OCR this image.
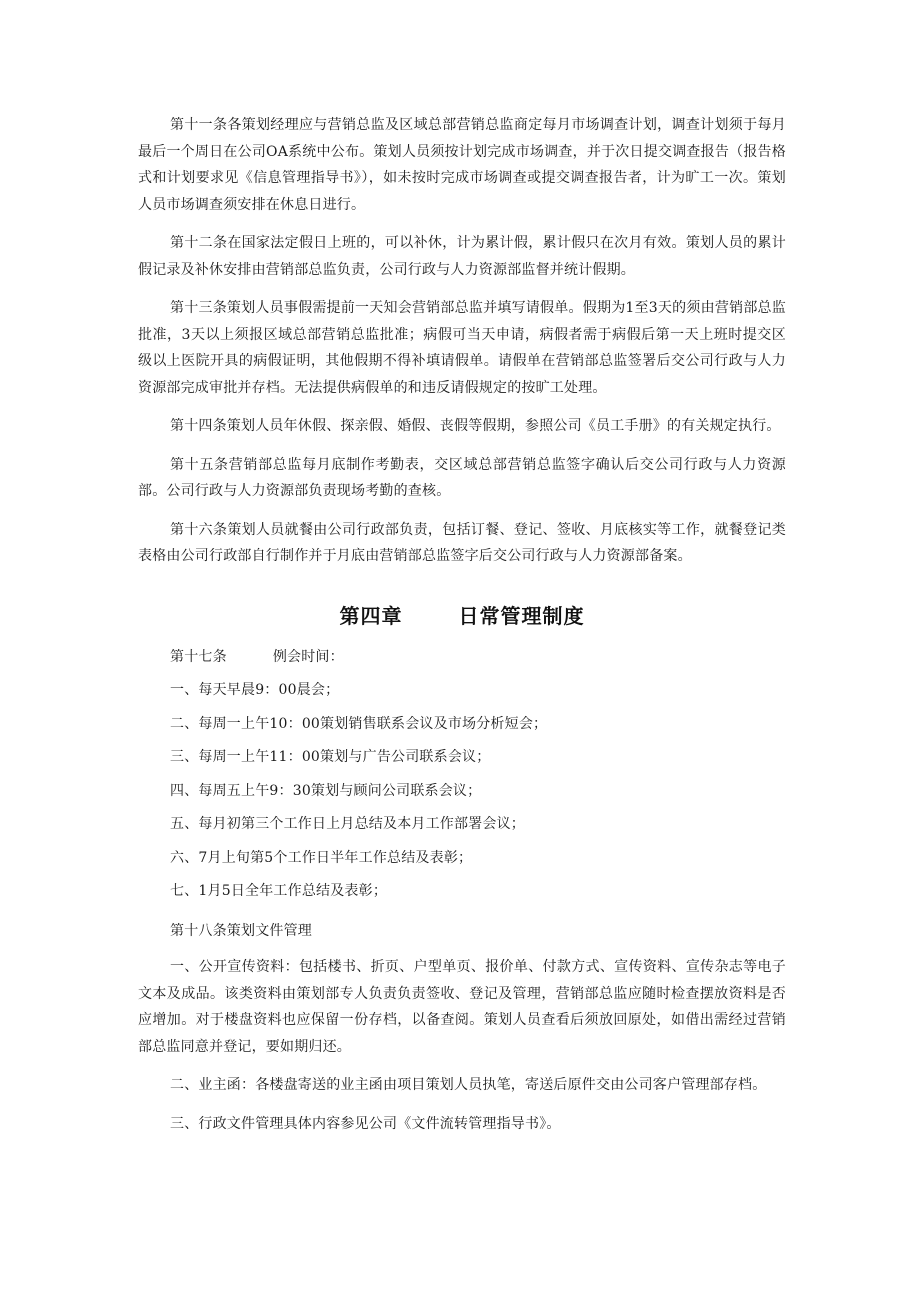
第十一条各策划经理应与营销总监及区域总部营销总监商定每月市场调查计划，调查计划须于每月最后一个周日在公司OA系统中公布。策划人员须按计划完成市场调查，并于次日提交调查报告（报告格式和计划要求见《信息管理指导书》），如未按时完成市场调查或提交调查报告者，计为旷工一次。策划人员市场调查须安排在休息日进行。

第十二条在国家法定假日上班的，可以补休，计为累计假，累计假只在次月有效。策划人员的累计假记录及补休安排由营销部总监负责，公司行政与人力资源部监督并统计假期。

第十三条策划人员事假需提前一天知会营销部总监并填写请假单。假期为1至3天的须由营销部总监批准，3天以上须报区域总部营销总监批准；病假可当天申请，病假者需于病假后第一天上班时提交区级以上医院开具的病假证明，其他假期不得补填请假单。请假单在营销部总监签署后交公司行政与人力资源部完成审批并存档。无法提供病假单的和违反请假规定的按旷工处理。

第十四条策划人员年休假、探亲假、婚假、丧假等假期，参照公司《员工手册》的有关规定执行。

第十五条营销部总监每月底制作考勤表，交区域总部营销总监签字确认后交公司行政与人力资源部。公司行政与人力资源部负责现场考勤的查核。

第十六条策划人员就餐由公司行政部负责，包括订餐、登记、签收、月底核实等工作，就餐登记类表格由公司行政部自行制作并于月底由营销部总监签字后交公司行政与人力资源部备案。

第四章	日常管理制度
第十七条	例会时间：
一、每天早晨9：00晨会；
二、每周一上午10：00策划销售联系会议及市场分析短会；
三、每周一上午11：00策划与广告公司联系会议；
四、每周五上午9：30策划与顾问公司联系会议；
五、每月初第三个工作日上月总结及本月工作部署会议；
六、7月上旬第5个工作日半年工作总结及表彰；
七、1月5日全年工作总结及表彰；
第十八条策划文件管理

一、公开宣传资料：包括楼书、折页、户型单页、报价单、付款方式、宣传资料、宣传杂志等电子文本及成品。该类资料由策划部专人负责负责签收、登记及管理，营销部总监应随时检查摆放资料是否应增加。对于楼盘资料也应保留一份存档，以备查阅。策划人员查看后须放回原处，如借出需经过营销部总监同意并登记，要如期归还。

二、业主函：各楼盘寄送的业主函由项目策划人员执笔，寄送后原件交由公司客户管理部存档。

三、行政文件管理具体内容参见公司《文件流转管理指导书》。
